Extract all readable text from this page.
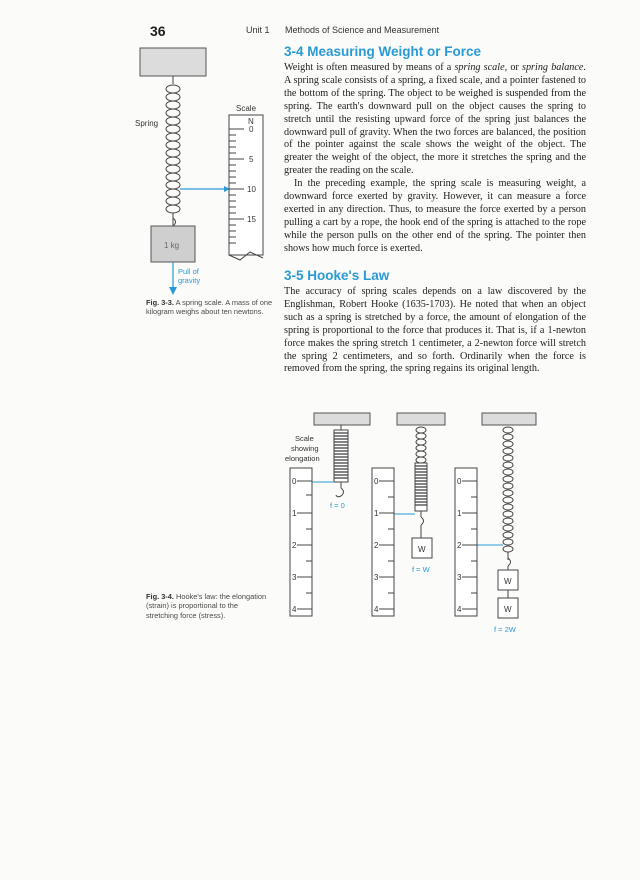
36	Unit 1 Methods of Science and Measurement
3-4 Measuring Weight or Force

Weight is often measured by means of a spring scale, or spring balance. A spring scale consists of a spring, a fixed scale, and a pointer fastened to the bottom of the spring. The object to be weighed is suspended from the spring. The earth's downward pull on the object causes the spring to stretch until the resisting upward force of the spring just balances the downward pull of gravity. When the two forces are balanced, the position of the pointer against the scale shows the weight of the object. The greater the weight of the object, the more it stretches the spring and the greater the reading on the scale.

In the preceding example, the spring scale is measuring weight, a downward force exerted by gravity. However, it can measure a force exerted in any direction. Thus, to measure the force exerted by a person pulling a cart by a rope, the hook end of the spring is attached to the rope while the person pulls on the other end of the spring. The pointer then shows how much force is exerted.

3-5 Hooke's Law

The accuracy of spring scales depends on a law discovered by the Englishman, Robert Hooke (1635-1703). He noted that when an object such as a spring is stretched by a force, the amount of elongation of the spring is proportional to the force that produces it. That is, if a 1-newton force makes the spring stretch 1 centimeter, a 2-newton force will stretch the spring 2 centimeters, and so forth. Ordinarily when the force is removed from the spring, the spring regains its original length.

1 kg
Pull of
gravity
Spring
Scale
N
0
5
10
15
Fig. 3-3. A spring scale. A mass of one kilogram weighs about ten newtons.
Scale
showing
elongation
f = 0
0
1
2
3
4
W
f = W
0
1
2
3
4
W
W
f = 2W
0
1
2
3
4
Fig. 3-4. Hooke's law: the elongation (strain) is proportional to the stretching force (stress).
